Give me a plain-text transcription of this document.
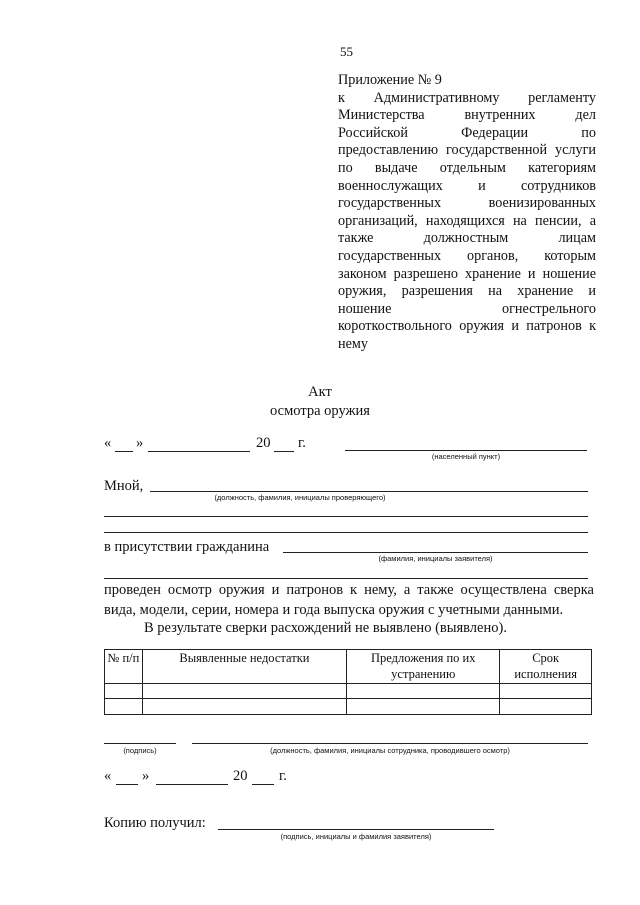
55
Приложение № 9
к Административному регламенту Министерства внутренних дел Российской Федерации по предоставлению государственной услуги по выдаче отдельным категориям военнослужащих и сотрудников государственных военизированных организаций, находящихся на пенсии, а также должностным лицам государственных органов, которым законом разрешено хранение и ношение оружия, разрешения на хранение и ношение огнестрельного короткоствольного оружия и патронов к нему
Акт
осмотра оружия
« »	20 г.
(населенный пункт)
Мной,
(должность, фамилия, инициалы проверяющего)
в присутствии гражданина
(фамилия, инициалы заявителя)
проведен осмотр оружия и патронов к нему, а также осуществлена сверка вида, модели, серии, номера и года выпуска оружия с учетными данными.
В результате сверки расхождений не выявлено (выявлено).
№ п/п	Выявленные недостатки	Предложения по их устранению	Срок исполнения

(подпись)	(должность, фамилия, инициалы сотрудника, проводившего осмотр)
« »	20 г.
Копию получил:
(подпись, инициалы и фамилия заявителя)
